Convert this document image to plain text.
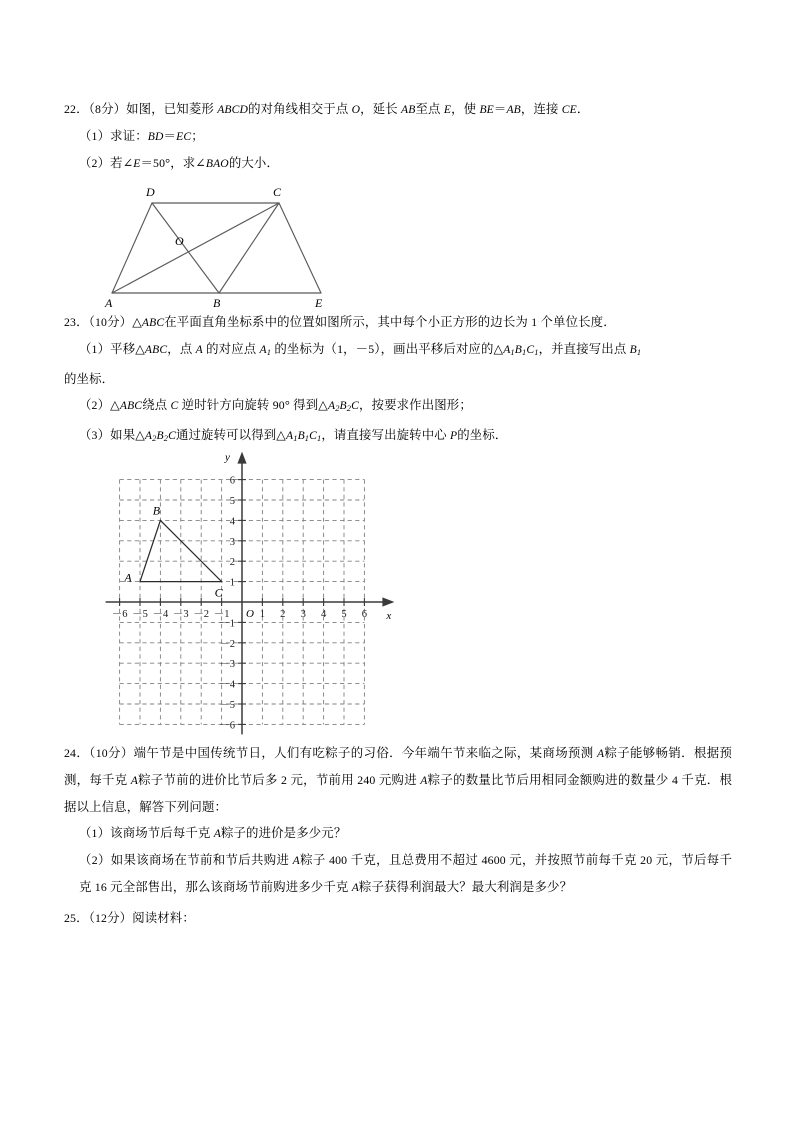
22．（8分）如图，已知菱形 ABCD的对角线相交于点 O，延长 AB至点 E，使 BE＝AB，连接 CE．
（1）求证：BD＝EC；
（2）若∠E＝50°，求∠BAO的大小．
A	B	E
D	C
O
23．（10分）△ABC在平面直角坐标系中的位置如图所示，其中每个小正方形的边长为 1 个单位长度．
（1）平移△ABC，点 A 的对应点 A1 的坐标为（1，－5），画出平移后对应的△A1B1C1，并直接写出点 B1
的坐标．
（2）△ABC绕点 C 逆时针方向旋转 90° 得到△A2B2C，按要求作出图形；
（3）如果△A2B2C通过旋转可以得到△A1B1C1，请直接写出旋转中心 P的坐标．
－6 －5 －4 －3 －2 －1	1 2 3 4 5 6
6
5
4
3
2
1
－1
－2
－3
－4
－5
－6
x
y
O
A
B
C
24．（10分）端午节是中国传统节日，人们有吃粽子的习俗．今年端午节来临之际，某商场预测 A粽子能够畅销．根据预测，每千克 A粽子节前的进价比节后多 2 元，节前用 240 元购进 A粽子的数量比节后用相同金额购进的数量少 4 千克．根据以上信息，解答下列问题：
（1）该商场节后每千克 A粽子的进价是多少元？
（2）如果该商场在节前和节后共购进 A粽子 400 千克，且总费用不超过 4600 元，并按照节前每千克 20 元，节后每千克 16 元全部售出，那么该商场节前购进多少千克 A粽子获得利润最大？最大利润是多少？
25．（12分）阅读材料：
